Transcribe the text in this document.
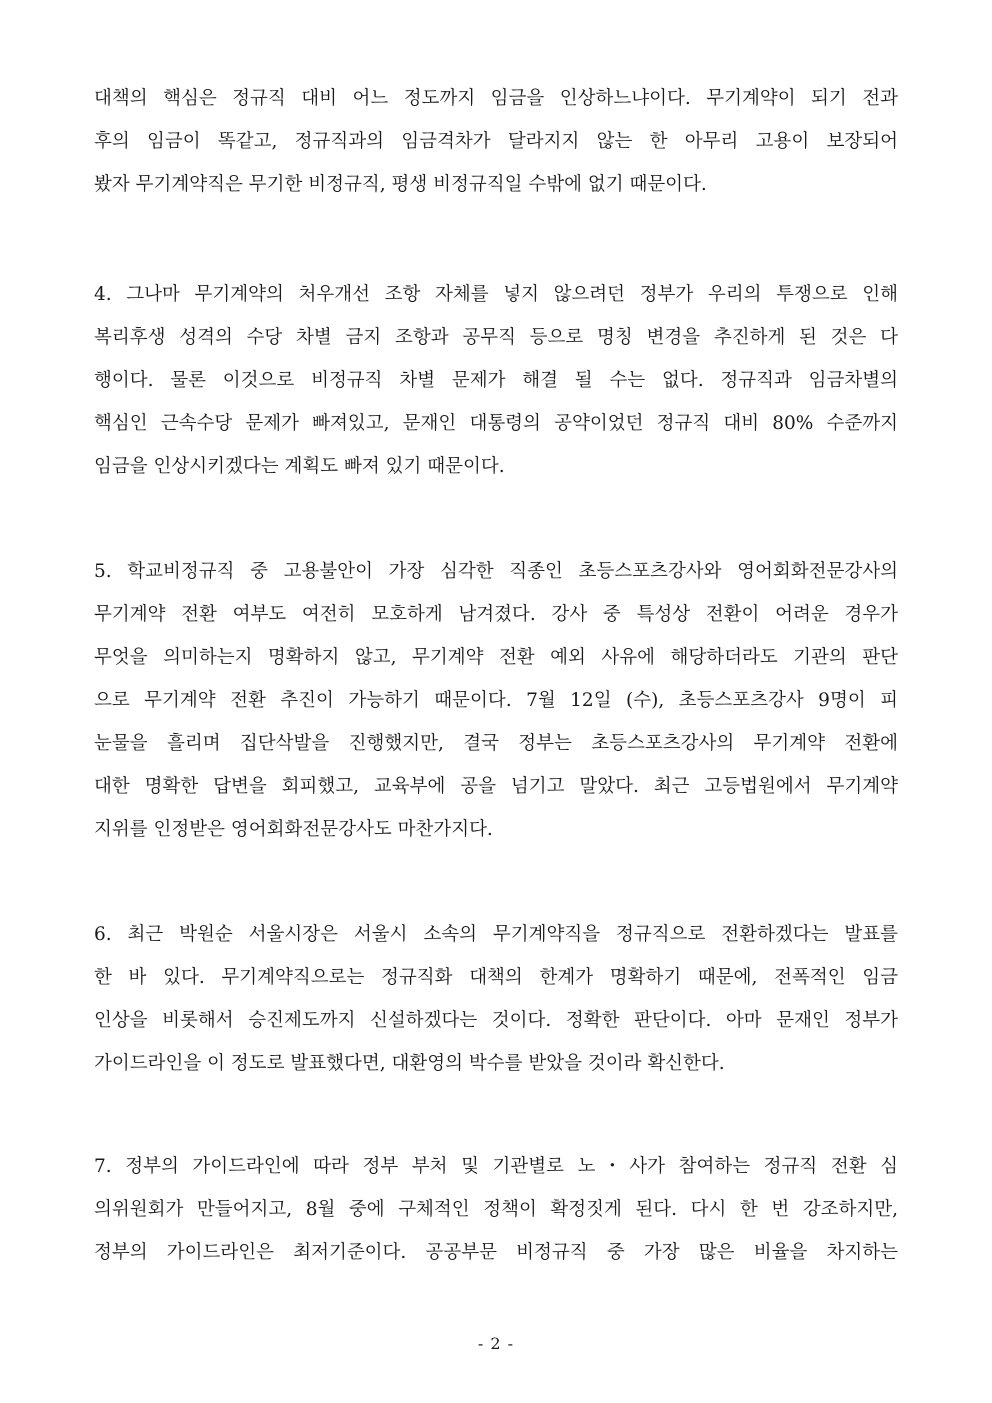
대책의 핵심은 정규직 대비 어느 정도까지 임금을 인상하느냐이다. 무기계약이 되기 전과
후의 임금이 똑같고, 정규직과의 임금격차가 달라지지 않는 한 아무리 고용이 보장되어
봤자 무기계약직은 무기한 비정규직, 평생 비정규직일 수밖에 없기 때문이다.
4. 그나마 무기계약의 처우개선 조항 자체를 넣지 않으려던 정부가 우리의 투쟁으로 인해
복리후생 성격의 수당 차별 금지 조항과 공무직 등으로 명칭 변경을 추진하게 된 것은 다
행이다. 물론 이것으로 비정규직 차별 문제가 해결 될 수는 없다. 정규직과 임금차별의
핵심인 근속수당 문제가 빠져있고, 문재인 대통령의 공약이었던 정규직 대비 80% 수준까지
임금을 인상시키겠다는 계획도 빠져 있기 때문이다.
5. 학교비정규직 중 고용불안이 가장 심각한 직종인 초등스포츠강사와 영어회화전문강사의
무기계약 전환 여부도 여전히 모호하게 남겨졌다. 강사 중 특성상 전환이 어려운 경우가
무엇을 의미하는지 명확하지 않고, 무기계약 전환 예외 사유에 해당하더라도 기관의 판단
으로 무기계약 전환 추진이 가능하기 때문이다. 7월 12일 (수), 초등스포츠강사 9명이 피
눈물을 흘리며 집단삭발을 진행했지만, 결국 정부는 초등스포츠강사의 무기계약 전환에
대한 명확한 답변을 회피했고, 교육부에 공을 넘기고 말았다. 최근 고등법원에서 무기계약
지위를 인정받은 영어회화전문강사도 마찬가지다.
6. 최근 박원순 서울시장은 서울시 소속의 무기계약직을 정규직으로 전환하겠다는 발표를
한 바 있다. 무기계약직으로는 정규직화 대책의 한계가 명확하기 때문에, 전폭적인 임금
인상을 비롯해서 승진제도까지 신설하겠다는 것이다. 정확한 판단이다. 아마 문재인 정부가
가이드라인을 이 정도로 발표했다면, 대환영의 박수를 받았을 것이라 확신한다.
7. 정부의 가이드라인에 따라 정부 부처 및 기관별로 노・사가 참여하는 정규직 전환 심
의위원회가 만들어지고, 8월 중에 구체적인 정책이 확정짓게 된다. 다시 한 번 강조하지만,
정부의 가이드라인은 최저기준이다. 공공부문 비정규직 중 가장 많은 비율을 차지하는
- 2 -
